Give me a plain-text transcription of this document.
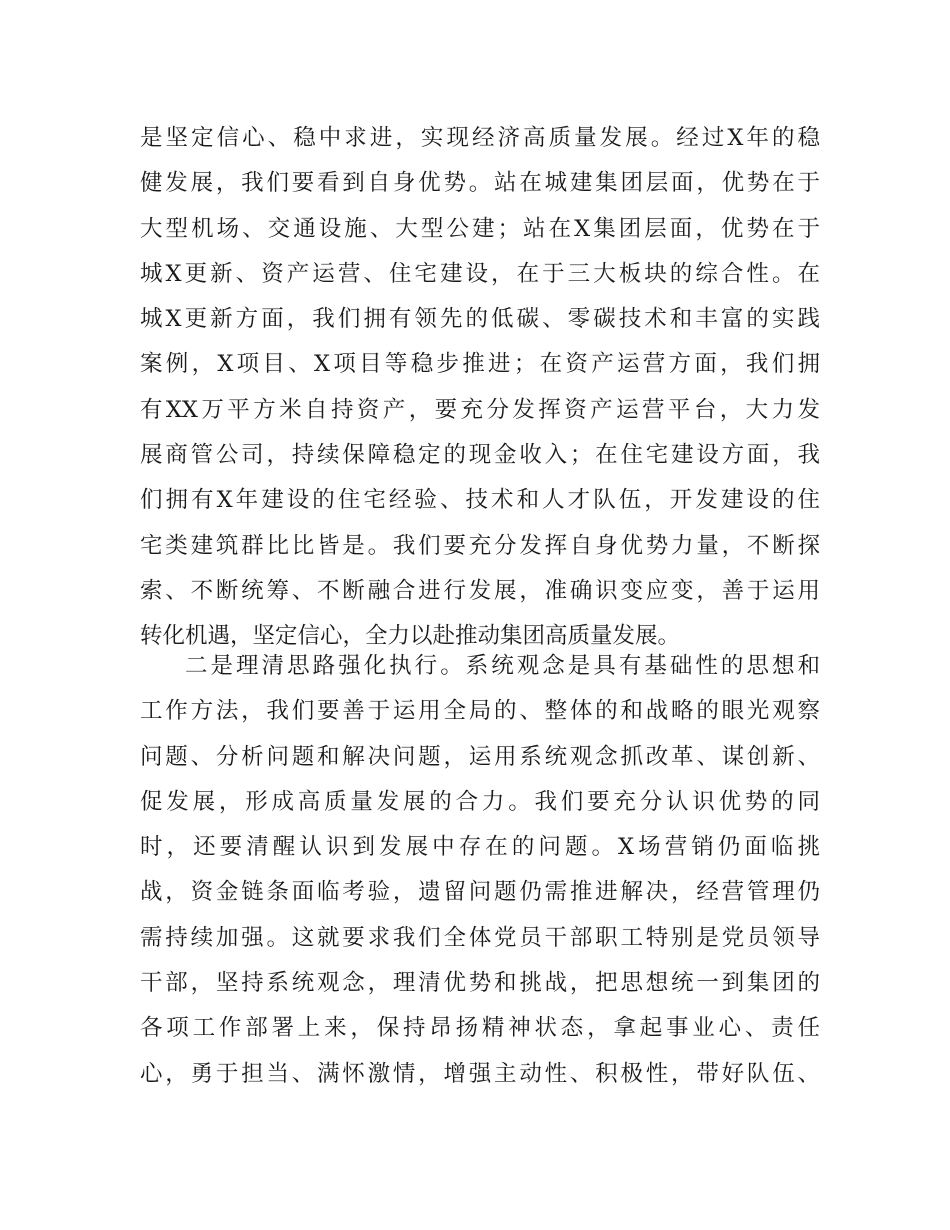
是坚定信心、稳中求进，实现经济高质量发展。经过X年的稳
健发展，我们要看到自身优势。站在城建集团层面，优势在于
大型机场、交通设施、大型公建；站在X集团层面，优势在于
城X更新、资产运营、住宅建设，在于三大板块的综合性。在
城X更新方面，我们拥有领先的低碳、零碳技术和丰富的实践
案例，X项目、X项目等稳步推进；在资产运营方面，我们拥
有XX万平方米自持资产，要充分发挥资产运营平台，大力发
展商管公司，持续保障稳定的现金收入；在住宅建设方面，我
们拥有X年建设的住宅经验、技术和人才队伍，开发建设的住
宅类建筑群比比皆是。我们要充分发挥自身优势力量，不断探
索、不断统筹、不断融合进行发展，准确识变应变，善于运用
转化机遇，坚定信心，全力以赴推动集团高质量发展。
二是理清思路强化执行。系统观念是具有基础性的思想和
工作方法，我们要善于运用全局的、整体的和战略的眼光观察
问题、分析问题和解决问题，运用系统观念抓改革、谋创新、
促发展，形成高质量发展的合力。我们要充分认识优势的同
时，还要清醒认识到发展中存在的问题。X场营销仍面临挑
战，资金链条面临考验，遗留问题仍需推进解决，经营管理仍
需持续加强。这就要求我们全体党员干部职工特别是党员领导
干部，坚持系统观念，理清优势和挑战，把思想统一到集团的
各项工作部署上来，保持昂扬精神状态，拿起事业心、责任
心，勇于担当、满怀激情，增强主动性、积极性，带好队伍、
